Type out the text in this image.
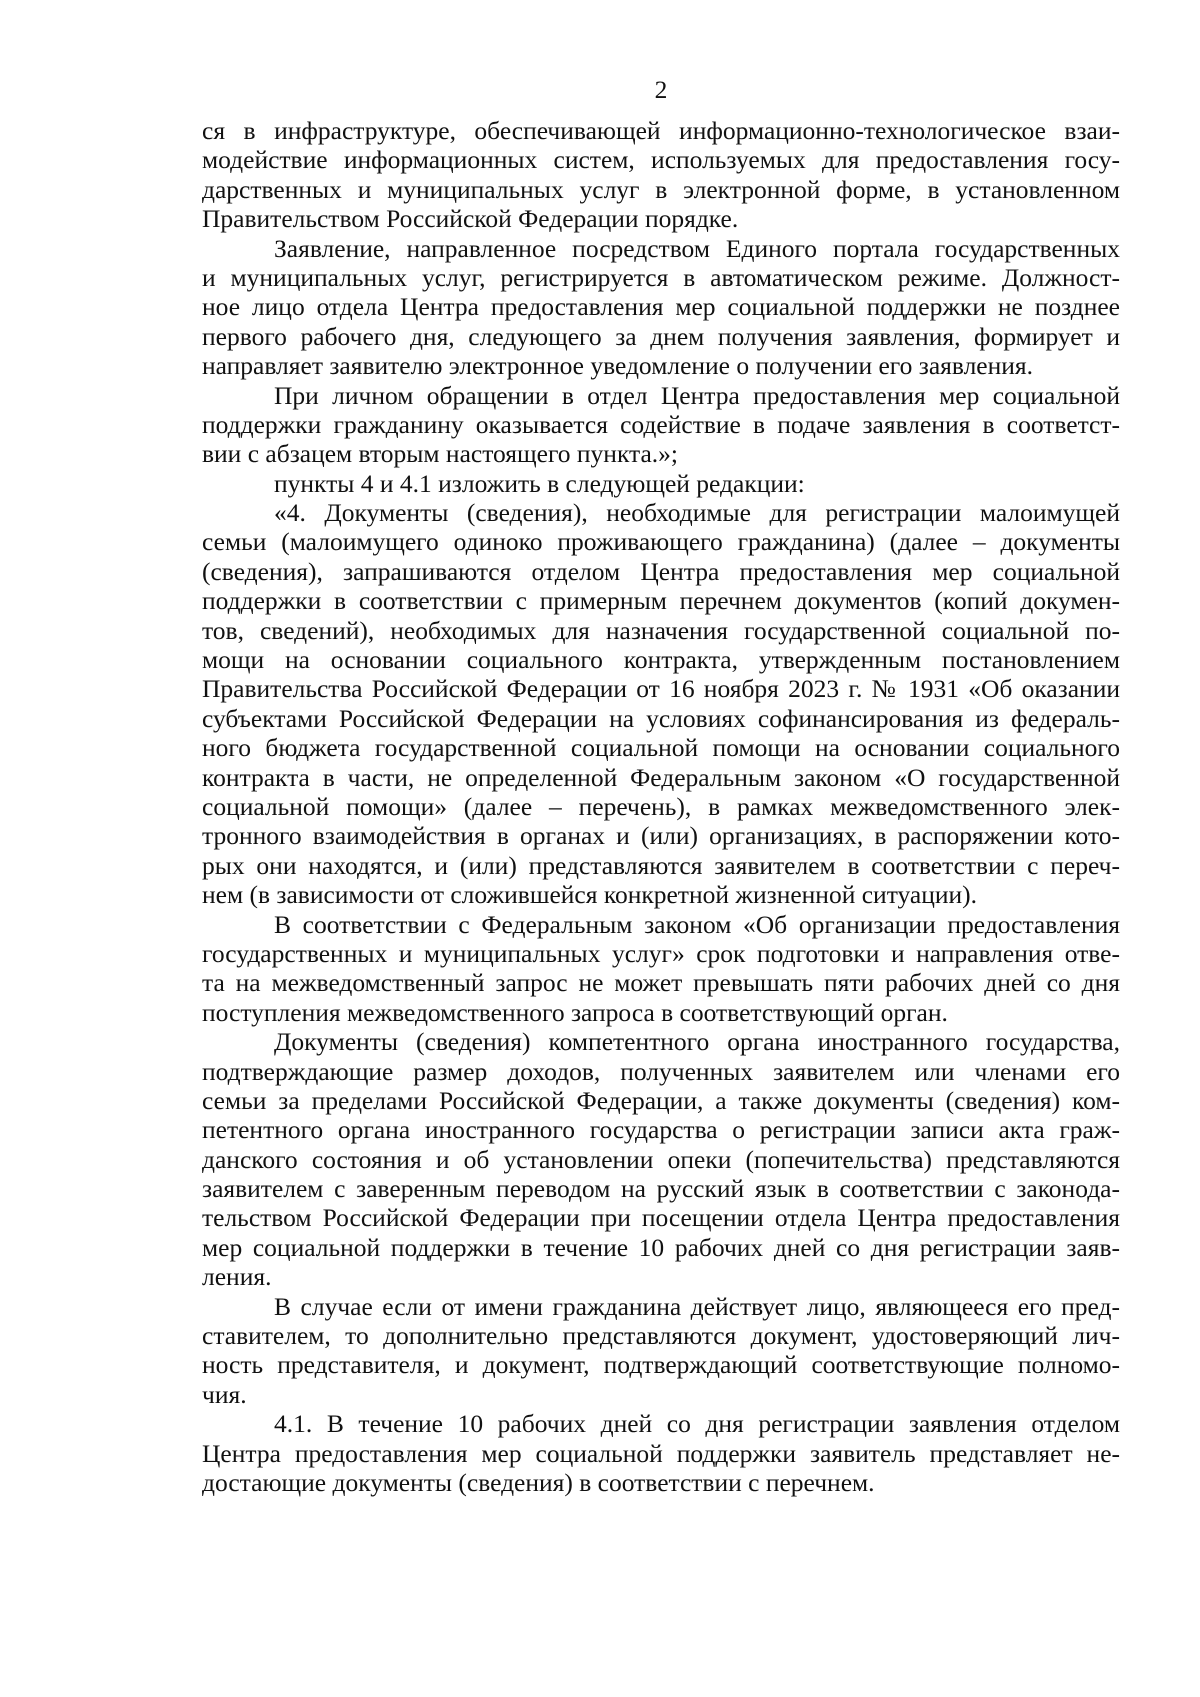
2
ся в инфраструктуре, обеспечивающей информационно-технологическое взаи-
модействие информационных систем, используемых для предоставления госу-
дарственных и муниципальных услуг в электронной форме, в установленном
Правительством Российской Федерации порядке.
Заявление, направленное посредством Единого портала государственных
и муниципальных услуг, регистрируется в автоматическом режиме. Должност-
ное лицо отдела Центра предоставления мер социальной поддержки не позднее
первого рабочего дня, следующего за днем получения заявления, формирует и
направляет заявителю электронное уведомление о получении его заявления.
При личном обращении в отдел Центра предоставления мер социальной
поддержки гражданину оказывается содействие в подаче заявления в соответст-
вии с абзацем вторым настоящего пункта.»;
пункты 4 и 4.1 изложить в следующей редакции:
«4. Документы (сведения), необходимые для регистрации малоимущей
семьи (малоимущего одиноко проживающего гражданина) (далее – документы
(сведения), запрашиваются отделом Центра предоставления мер социальной
поддержки в соответствии с примерным перечнем документов (копий докумен-
тов, сведений), необходимых для назначения государственной социальной по-
мощи на основании социального контракта, утвержденным постановлением
Правительства Российской Федерации от 16 ноября 2023 г. № 1931 «Об оказании
субъектами Российской Федерации на условиях софинансирования из федераль-
ного бюджета государственной социальной помощи на основании социального
контракта в части, не определенной Федеральным законом «О государственной
социальной помощи» (далее – перечень), в рамках межведомственного элек-
тронного взаимодействия в органах и (или) организациях, в распоряжении кото-
рых они находятся, и (или) представляются заявителем в соответствии с переч-
нем (в зависимости от сложившейся конкретной жизненной ситуации).
В соответствии с Федеральным законом «Об организации предоставления
государственных и муниципальных услуг» срок подготовки и направления отве-
та на межведомственный запрос не может превышать пяти рабочих дней со дня
поступления межведомственного запроса в соответствующий орган.
Документы (сведения) компетентного органа иностранного государства,
подтверждающие размер доходов, полученных заявителем или членами его
семьи за пределами Российской Федерации, а также документы (сведения) ком-
петентного органа иностранного государства о регистрации записи акта граж-
данского состояния и об установлении опеки (попечительства) представляются
заявителем с заверенным переводом на русский язык в соответствии с законода-
тельством Российской Федерации при посещении отдела Центра предоставления
мер социальной поддержки в течение 10 рабочих дней со дня регистрации заяв-
ления.
В случае если от имени гражданина действует лицо, являющееся его пред-
ставителем, то дополнительно представляются документ, удостоверяющий лич-
ность представителя, и документ, подтверждающий соответствующие полномо-
чия.
4.1. В течение 10 рабочих дней со дня регистрации заявления отделом
Центра предоставления мер социальной поддержки заявитель представляет не-
достающие документы (сведения) в соответствии с перечнем.
